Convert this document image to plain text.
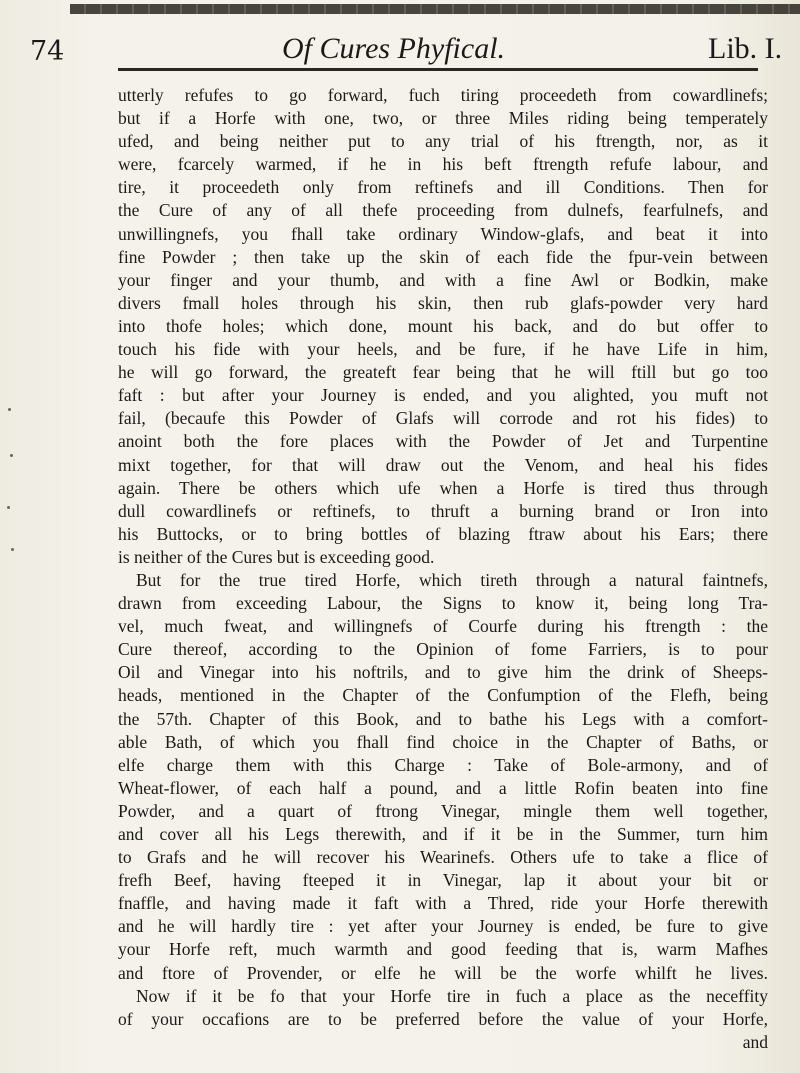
74	Of Cures Phyfical.	Lib. I.
utterly refufes to go forward, fuch tiring proceedeth from cowardlinefs;
but if a Horfe with one, two, or three Miles riding being temperately
ufed, and being neither put to any trial of his ftrength, nor, as it
were, fcarcely warmed, if he in his beft ftrength refufe labour, and
tire, it proceedeth only from reftinefs and ill Conditions. Then for
the Cure of any of all thefe proceeding from dulnefs, fearfulnefs, and
unwillingnefs, you fhall take ordinary Window-glafs, and beat it into
fine Powder ; then take up the skin of each fide the fpur-vein between
your finger and your thumb, and with a fine Awl or Bodkin, make
divers fmall holes through his skin, then rub glafs-powder very hard
into thofe holes; which done, mount his back, and do but offer to
touch his fide with your heels, and be fure, if he have Life in him,
he will go forward, the greateft fear being that he will ftill but go too
faft : but after your Journey is ended, and you alighted, you muft not
fail, (becaufe this Powder of Glafs will corrode and rot his fides) to
anoint both the fore places with the Powder of Jet and Turpentine
mixt together, for that will draw out the Venom, and heal his fides
again. There be others which ufe when a Horfe is tired thus through
dull cowardlinefs or reftinefs, to thruft a burning brand or Iron into
his Buttocks, or to bring bottles of blazing ftraw about his Ears; there
is neither of the Cures but is exceeding good.
But for the true tired Horfe, which tireth through a natural faintnefs,
drawn from exceeding Labour, the Signs to know it, being long Tra-
vel, much fweat, and willingnefs of Courfe during his ftrength : the
Cure thereof, according to the Opinion of fome Farriers, is to pour
Oil and Vinegar into his noftrils, and to give him the drink of Sheeps-
heads, mentioned in the Chapter of the Confumption of the Flefh, being
the 57th. Chapter of this Book, and to bathe his Legs with a comfort-
able Bath, of which you fhall find choice in the Chapter of Baths, or
elfe charge them with this Charge : Take of Bole-armony, and of
Wheat-flower, of each half a pound, and a little Rofin beaten into fine
Powder, and a quart of ftrong Vinegar, mingle them well together,
and cover all his Legs therewith, and if it be in the Summer, turn him
to Grafs and he will recover his Wearinefs. Others ufe to take a flice of
frefh Beef, having fteeped it in Vinegar, lap it about your bit or
fnaffle, and having made it faft with a Thred, ride your Horfe therewith
and he will hardly tire : yet after your Journey is ended, be fure to give
your Horfe reft, much warmth and good feeding that is, warm Mafhes
and ftore of Provender, or elfe he will be the worfe whilft he lives.
Now if it be fo that your Horfe tire in fuch a place as the neceffity
of your occafions are to be preferred before the value of your Horfe,
and
